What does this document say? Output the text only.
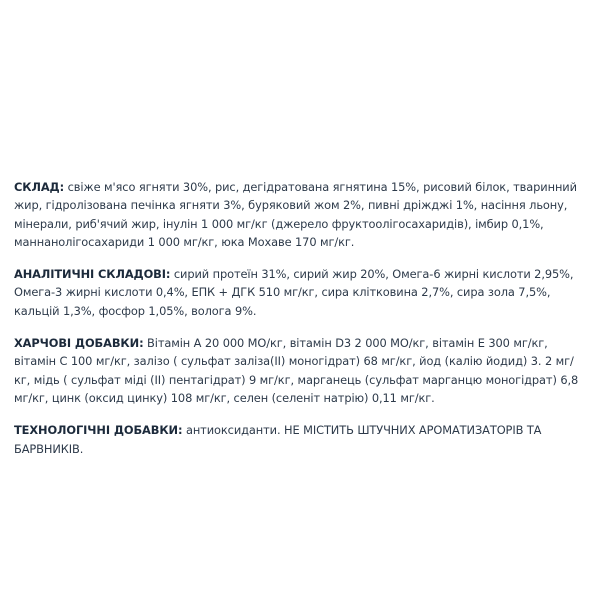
СКЛАД: свіже м'ясо ягняти 30%, рис, дегідратована ягнятина 15%, рисовий білок, тваринний жир, гідролізована печінка ягняти 3%, буряковий жом 2%, пивні дріжджі 1%, насіння льону, мінерали, риб'ячий жир, інулін 1 000 мг/кг (джерело фруктоолігосахаридів), імбир 0,1%, маннанолігосахариди 1 000 мг/кг, юка Мохаве 170 мг/кг.

АНАЛІТИЧНІ СКЛАДОВІ: сирий протеїн 31%, сирий жир 20%, Омега-6 жирні кислоти 2,95%, Омега-3 жирні кислоти 0,4%, ЕПК + ДГК 510 мг/кг, сира клітковина 2,7%, сира зола 7,5%, кальцій 1,3%, фосфор 1,05%, волога 9%.

ХАРЧОВІ ДОБАВКИ: Вітамін А 20 000 МО/кг, вітамін D3 2 000 МО/кг, вітамін Е 300 мг/кг, вітамін С 100 мг/кг, залізо ( сульфат заліза(II) моногідрат) 68 мг/кг, йод (калію йодид) 3. 2 мг/кг, мідь ( сульфат міді (II) пентагідрат) 9 мг/кг, марганець (сульфат марганцю моногідрат) 6,8 мг/кг, цинк (оксид цинку) 108 мг/кг, селен (селеніт натрію) 0,11 мг/кг.

ТЕХНОЛОГІЧНІ ДОБАВКИ: антиоксиданти. НЕ МІСТИТЬ ШТУЧНИХ АРОМАТИЗАТОРІВ ТА БАРВНИКІВ.
